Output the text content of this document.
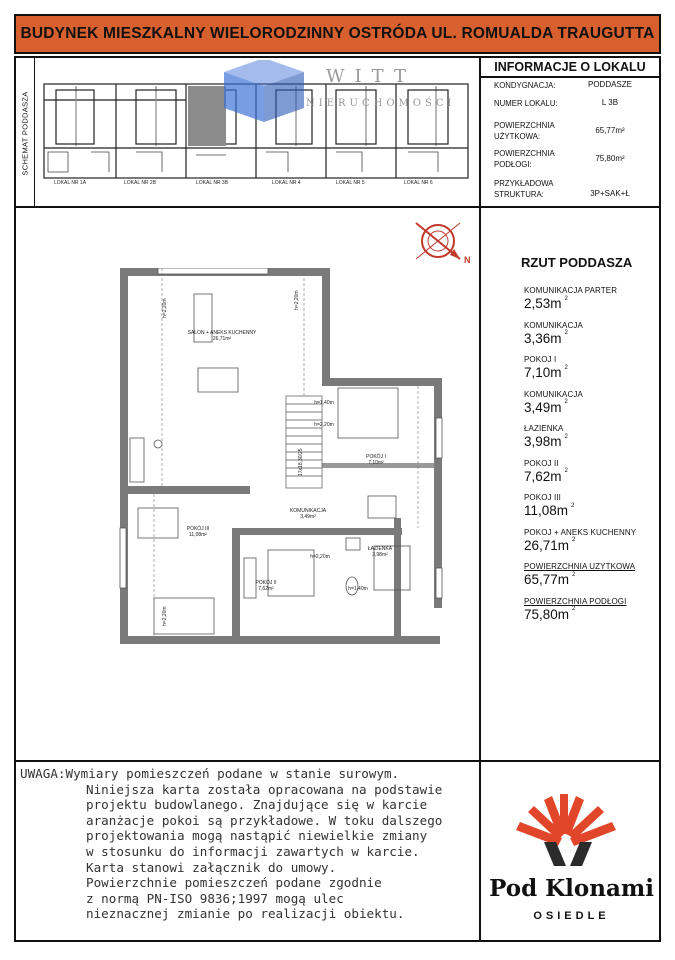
BUDYNEK MIESZKALNY WIELORODZINNY OSTRÓDA UL. ROMUALDA TRAUGUTTA
SCHEMAT PODDASZA
LOKAL NR 1A	LOKAL NR 2B	LOKAL NR 3B	LOKAL NR 4	LOKAL NR 5	LOKAL NR 6
WITT
NIERUCHOMOŚCI
INFORMACJE O LOKALU
KONDYGNACJA:	PODDASZE
NUMER LOKALU:	L 3B
POWIERZCHNIA
UŻYTKOWA:
65,77m²
POWIERZCHNIA
PODŁOGI:
75,80m²
PRZYKŁADOWA
STRUKTURA:	3P+SAK+Ł
N
SALON + ANEKS KUCHENNY
26,71m²
POKÓJ I
7,10m²
POKÓJ II
7,62m²
POKÓJ III
11,08m²
KOMUNIKACJA
3,49m²
ŁAZIENKA
3,98m²
h=1,40m
h=2,20m
h=2,20m
h=1,40m
h=2,20m	h=2,20m
h=2,20m
17x18,30/25
RZUT PODDASZA
KOMUNIKACJA PARTER
2,53m $^2$
KOMUNIKACJA
3,36m $^2$
POKOJ I
7,10m $^2$
KOMUNIKACJA
3,49m $^2$
ŁAZIENKA
3,98m $^2$
POKOJ II
7,62m $^2$
POKOJ III
11,08m $^2$
POKOJ + ANEKS KUCHENNY
26,71m $^2$
POWIERZCHNIA UZYTKOWA
65,77m $^2$
POWIERZCHNIA PODŁOGI
75,80m $^2$
UWAGA:Wymiary pomieszczeń podane w stanie surowym.
Niniejsza karta została opracowana na podstawie
projektu budowlanego. Znajdujące się w karcie
aranżacje pokoi są przykładowe. W toku dalszego
projektowania mogą nastąpić niewielkie zmiany
w stosunku do informacji zawartych w karcie.
Karta stanowi załącznik do umowy.
Powierzchnie pomieszczeń podane zgodnie
z normą PN-ISO 9836;1997 mogą ulec
nieznacznej zmianie po realizacji obiektu.
Pod Klonami
OSIEDLE
